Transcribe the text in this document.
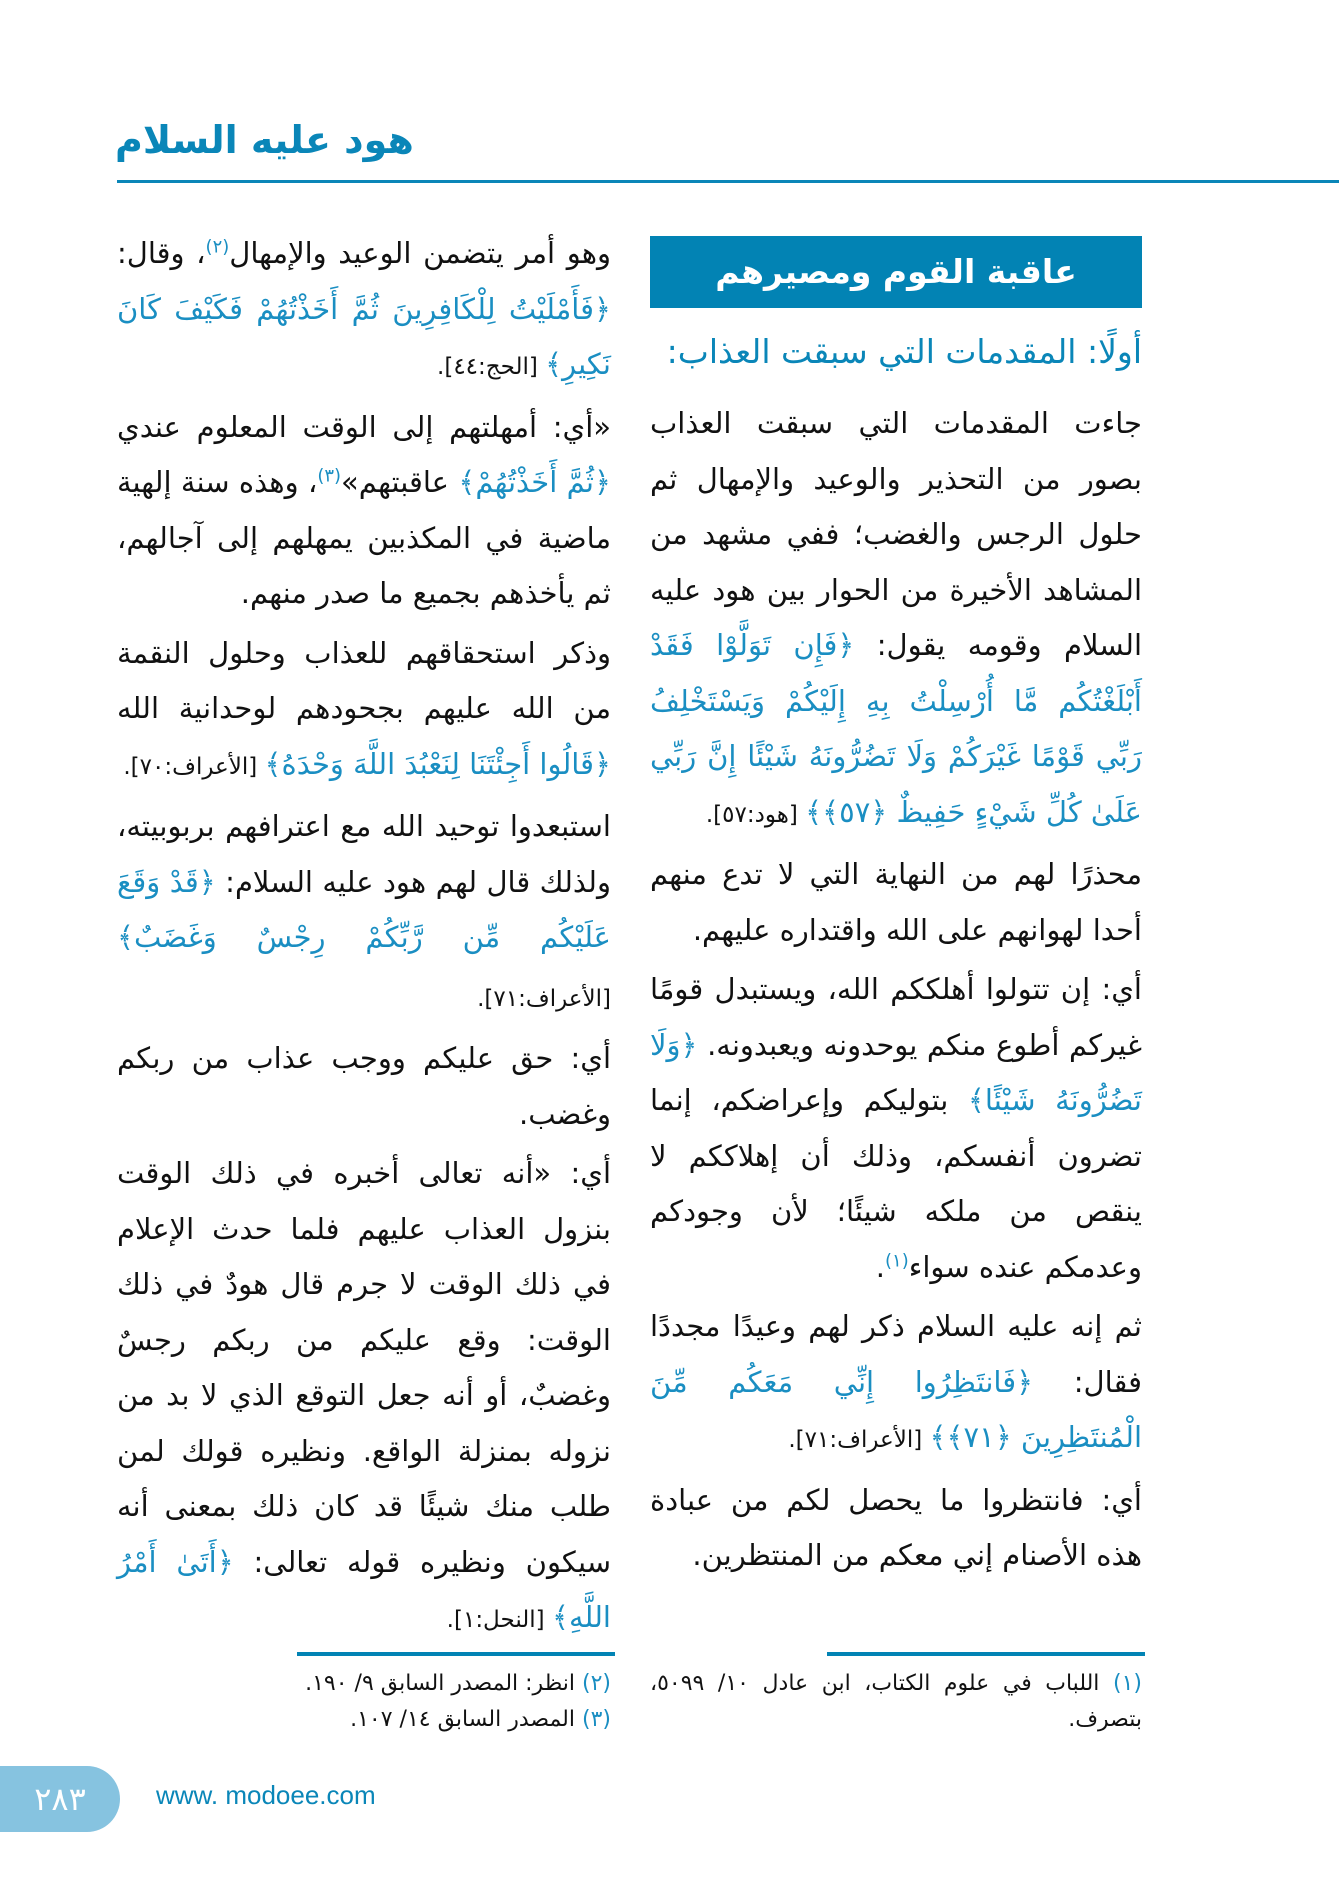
هود عليه السلام
عاقبة القوم ومصيرهم
أولًا: المقدمات التي سبقت العذاب:

جاءت المقدمات التي سبقت العذاب بصور من التحذير والوعيد والإمهال ثم حلول الرجس والغضب؛ ففي مشهد من المشاهد الأخيرة من الحوار بين هود عليه السلام وقومه يقول: ﴿فَإِن تَوَلَّوْا فَقَدْ أَبْلَغْتُكُم مَّا أُرْسِلْتُ بِهِ إِلَيْكُمْ وَيَسْتَخْلِفُ رَبِّي قَوْمًا غَيْرَكُمْ وَلَا تَضُرُّونَهُ شَيْئًا إِنَّ رَبِّي عَلَىٰ كُلِّ شَيْءٍ حَفِيظٌ ﴿٥٧﴾﴾ [هود:٥٧].

محذرًا لهم من النهاية التي لا تدع منهم أحدا لهوانهم على الله واقتداره عليهم.

أي: إن تتولوا أهلككم الله، ويستبدل قومًا غيركم أطوع منكم يوحدونه ويعبدونه. ﴿وَلَا تَضُرُّونَهُ شَيْئًا﴾ بتوليكم وإعراضكم، إنما تضرون أنفسكم، وذلك أن إهلاككم لا ينقص من ملكه شيئًا؛ لأن وجودكم وعدمكم عنده سواء$^{(١)}$.

ثم إنه عليه السلام ذكر لهم وعيدًا مجددًا فقال: ﴿فَانتَظِرُوا إِنِّي مَعَكُم مِّنَ الْمُنتَظِرِينَ ﴿٧١﴾﴾ [الأعراف:٧١].

أي: فانتظروا ما يحصل لكم من عبادة هذه الأصنام إني معكم من المنتظرين.

وهو أمر يتضمن الوعيد والإمهال$^{(٢)}$، وقال: ﴿فَأَمْلَيْتُ لِلْكَافِرِينَ ثُمَّ أَخَذْتُهُمْ فَكَيْفَ كَانَ نَكِيرِ﴾ [الحج:٤٤].

«أي: أمهلتهم إلى الوقت المعلوم عندي ﴿ثُمَّ أَخَذْتُهُمْ﴾ عاقبتهم»$^{(٣)}$، وهذه سنة إلهية ماضية في المكذبين يمهلهم إلى آجالهم، ثم يأخذهم بجميع ما صدر منهم.

وذكر استحقاقهم للعذاب وحلول النقمة من الله عليهم بجحودهم لوحدانية الله ﴿قَالُوا أَجِئْتَنَا لِنَعْبُدَ اللَّهَ وَحْدَهُ﴾ [الأعراف:٧٠].

استبعدوا توحيد الله مع اعترافهم بربوبيته، ولذلك قال لهم هود عليه السلام: ﴿قَدْ وَقَعَ عَلَيْكُم مِّن رَّبِّكُمْ رِجْسٌ وَغَضَبٌ﴾ [الأعراف:٧١].

أي: حق عليكم ووجب عذاب من ربكم وغضب.

أي: «أنه تعالى أخبره في ذلك الوقت بنزول العذاب عليهم فلما حدث الإعلام في ذلك الوقت لا جرم قال هودٌ في ذلك الوقت: وقع عليكم من ربكم رجسٌ وغضبٌ، أو أنه جعل التوقع الذي لا بد من نزوله بمنزلة الواقع. ونظيره قولك لمن طلب منك شيئًا قد كان ذلك بمعنى أنه سيكون ونظيره قوله تعالى: ﴿أَتَىٰ أَمْرُ اللَّهِ﴾ [النحل:١].

(١) اللباب في علوم الكتاب، ابن عادل ١٠/ ٥٠٩٩، بتصرف.
(٢) انظر: المصدر السابق ٩/ ١٩٠.
(٣) المصدر السابق ١٤/ ١٠٧.
٢٨٣	www. modoee.com
